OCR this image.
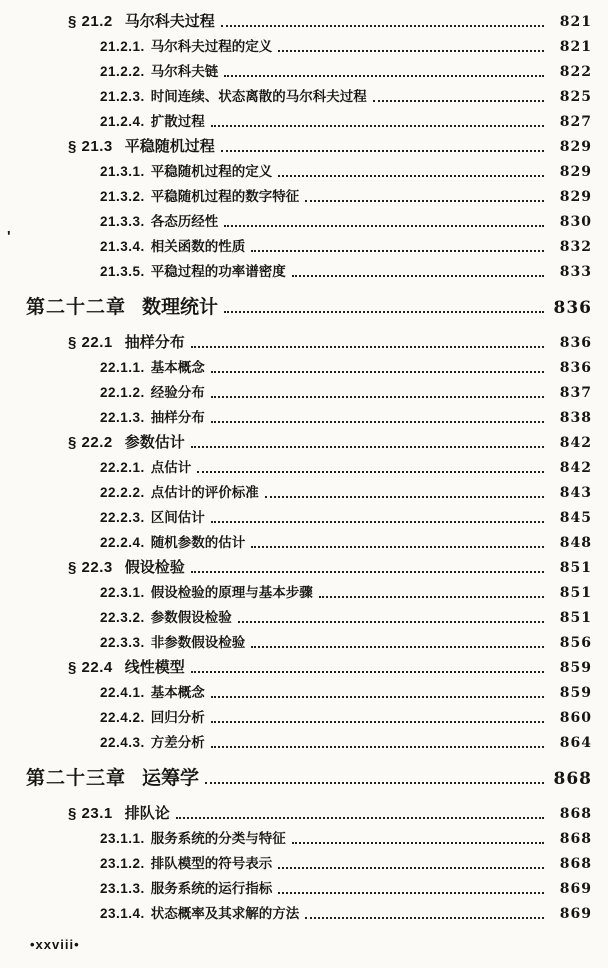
'
§ 21.2 马尔科夫过程	821
21.2.1. 马尔科夫过程的定义	821
21.2.2. 马尔科夫链	822
21.2.3. 时间连续、状态离散的马尔科夫过程	825
21.2.4. 扩散过程	827
§ 21.3 平稳随机过程	829
21.3.1. 平稳随机过程的定义	829
21.3.2. 平稳随机过程的数字特征	829
21.3.3. 各态历经性	830
21.3.4. 相关函数的性质	832
21.3.5. 平稳过程的功率谱密度	833
第二十二章 数理统计	836
§ 22.1 抽样分布	836
22.1.1. 基本概念	836
22.1.2. 经验分布	837
22.1.3. 抽样分布	838
§ 22.2 参数估计	842
22.2.1. 点估计	842
22.2.2. 点估计的评价标准	843
22.2.3. 区间估计	845
22.2.4. 随机参数的估计	848
§ 22.3 假设检验	851
22.3.1. 假设检验的原理与基本步骤	851
22.3.2. 参数假设检验	851
22.3.3. 非参数假设检验	856
§ 22.4 线性模型	859
22.4.1. 基本概念	859
22.4.2. 回归分析	860
22.4.3. 方差分析	864
第二十三章 运筹学	868
§ 23.1 排队论	868
23.1.1. 服务系统的分类与特征	868
23.1.2. 排队模型的符号表示	868
23.1.3. 服务系统的运行指标	869
23.1.4. 状态概率及其求解的方法	869
•xxviii•
